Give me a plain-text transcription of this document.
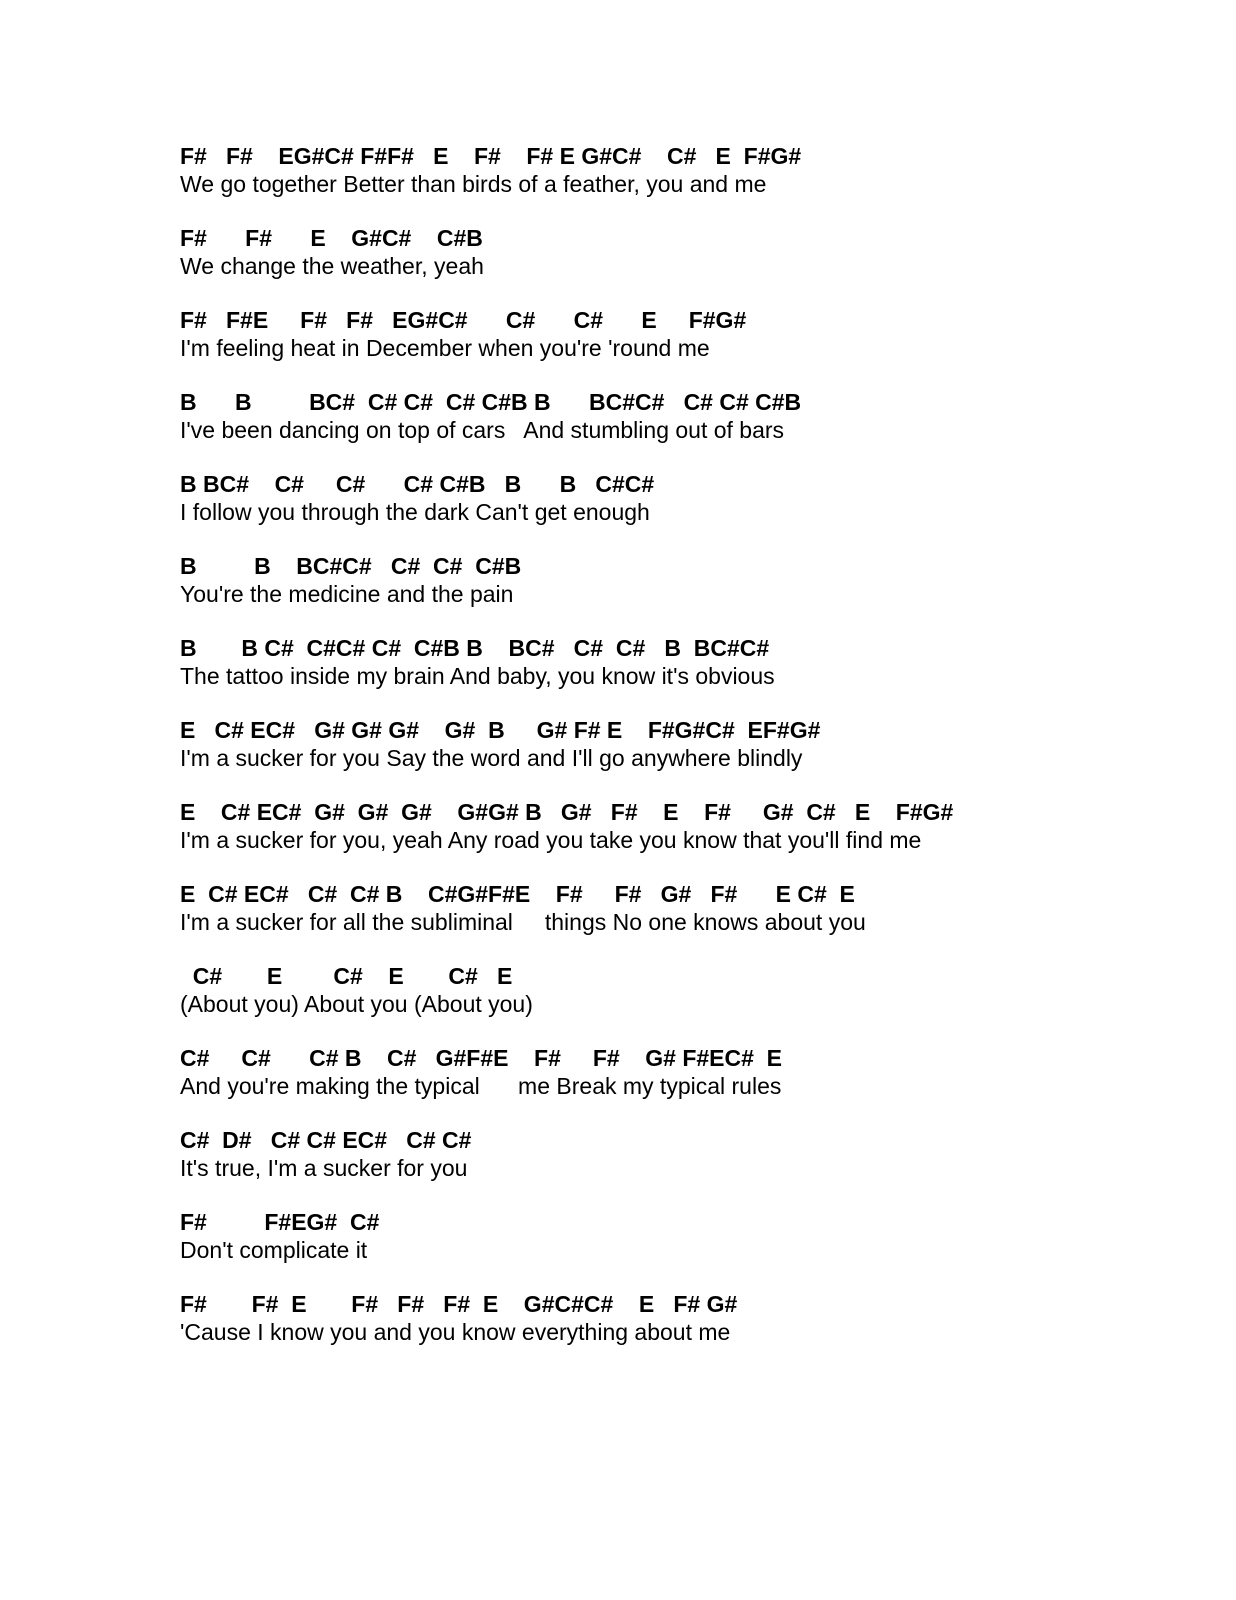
F#   F#    EG#C# F#F#   E    F#    F# E G#C#    C#   E  F#G#
We go together Better than birds of a feather, you and me
F#      F#      E    G#C#    C#B
We change the weather, yeah
F#   F#E     F#   F#   EG#C#      C#      C#      E     F#G#
I'm feeling heat in December when you're 'round me
B      B         BC#  C# C#  C# C#B B      BC#C#   C# C# C#B
I've been dancing on top of cars   And stumbling out of bars
B BC#    C#     C#      C# C#B   B      B   C#C#
I follow you through the dark Can't get enough
B         B    BC#C#   C#  C#  C#B
You're the medicine and the pain
B       B C#  C#C# C#  C#B B    BC#   C#  C#   B  BC#C#
The tattoo inside my brain And baby, you know it's obvious
E   C# EC#   G# G# G#    G#  B     G# F# E    F#G#C#  EF#G#
I'm a sucker for you Say the word and I'll go anywhere blindly
E    C# EC#  G#  G#  G#    G#G# B   G#   F#    E    F#     G#  C#   E    F#G#
I'm a sucker for you, yeah Any road you take you know that you'll find me
E  C# EC#   C#  C# B    C#G#F#E    F#     F#   G#   F#      E C#  E
I'm a sucker for all the subliminal     things No one knows about you
C#       E        C#    E       C#   E
(About you) About you (About you)
C#     C#      C# B    C#   G#F#E    F#     F#    G# F#EC#  E
And you're making the typical      me Break my typical rules
C#  D#   C# C# EC#   C# C#
It's true, I'm a sucker for you
F#         F#EG#  C#
Don't complicate it
F#       F#  E       F#   F#   F#  E    G#C#C#    E   F# G#
'Cause I know you and you know everything about me
